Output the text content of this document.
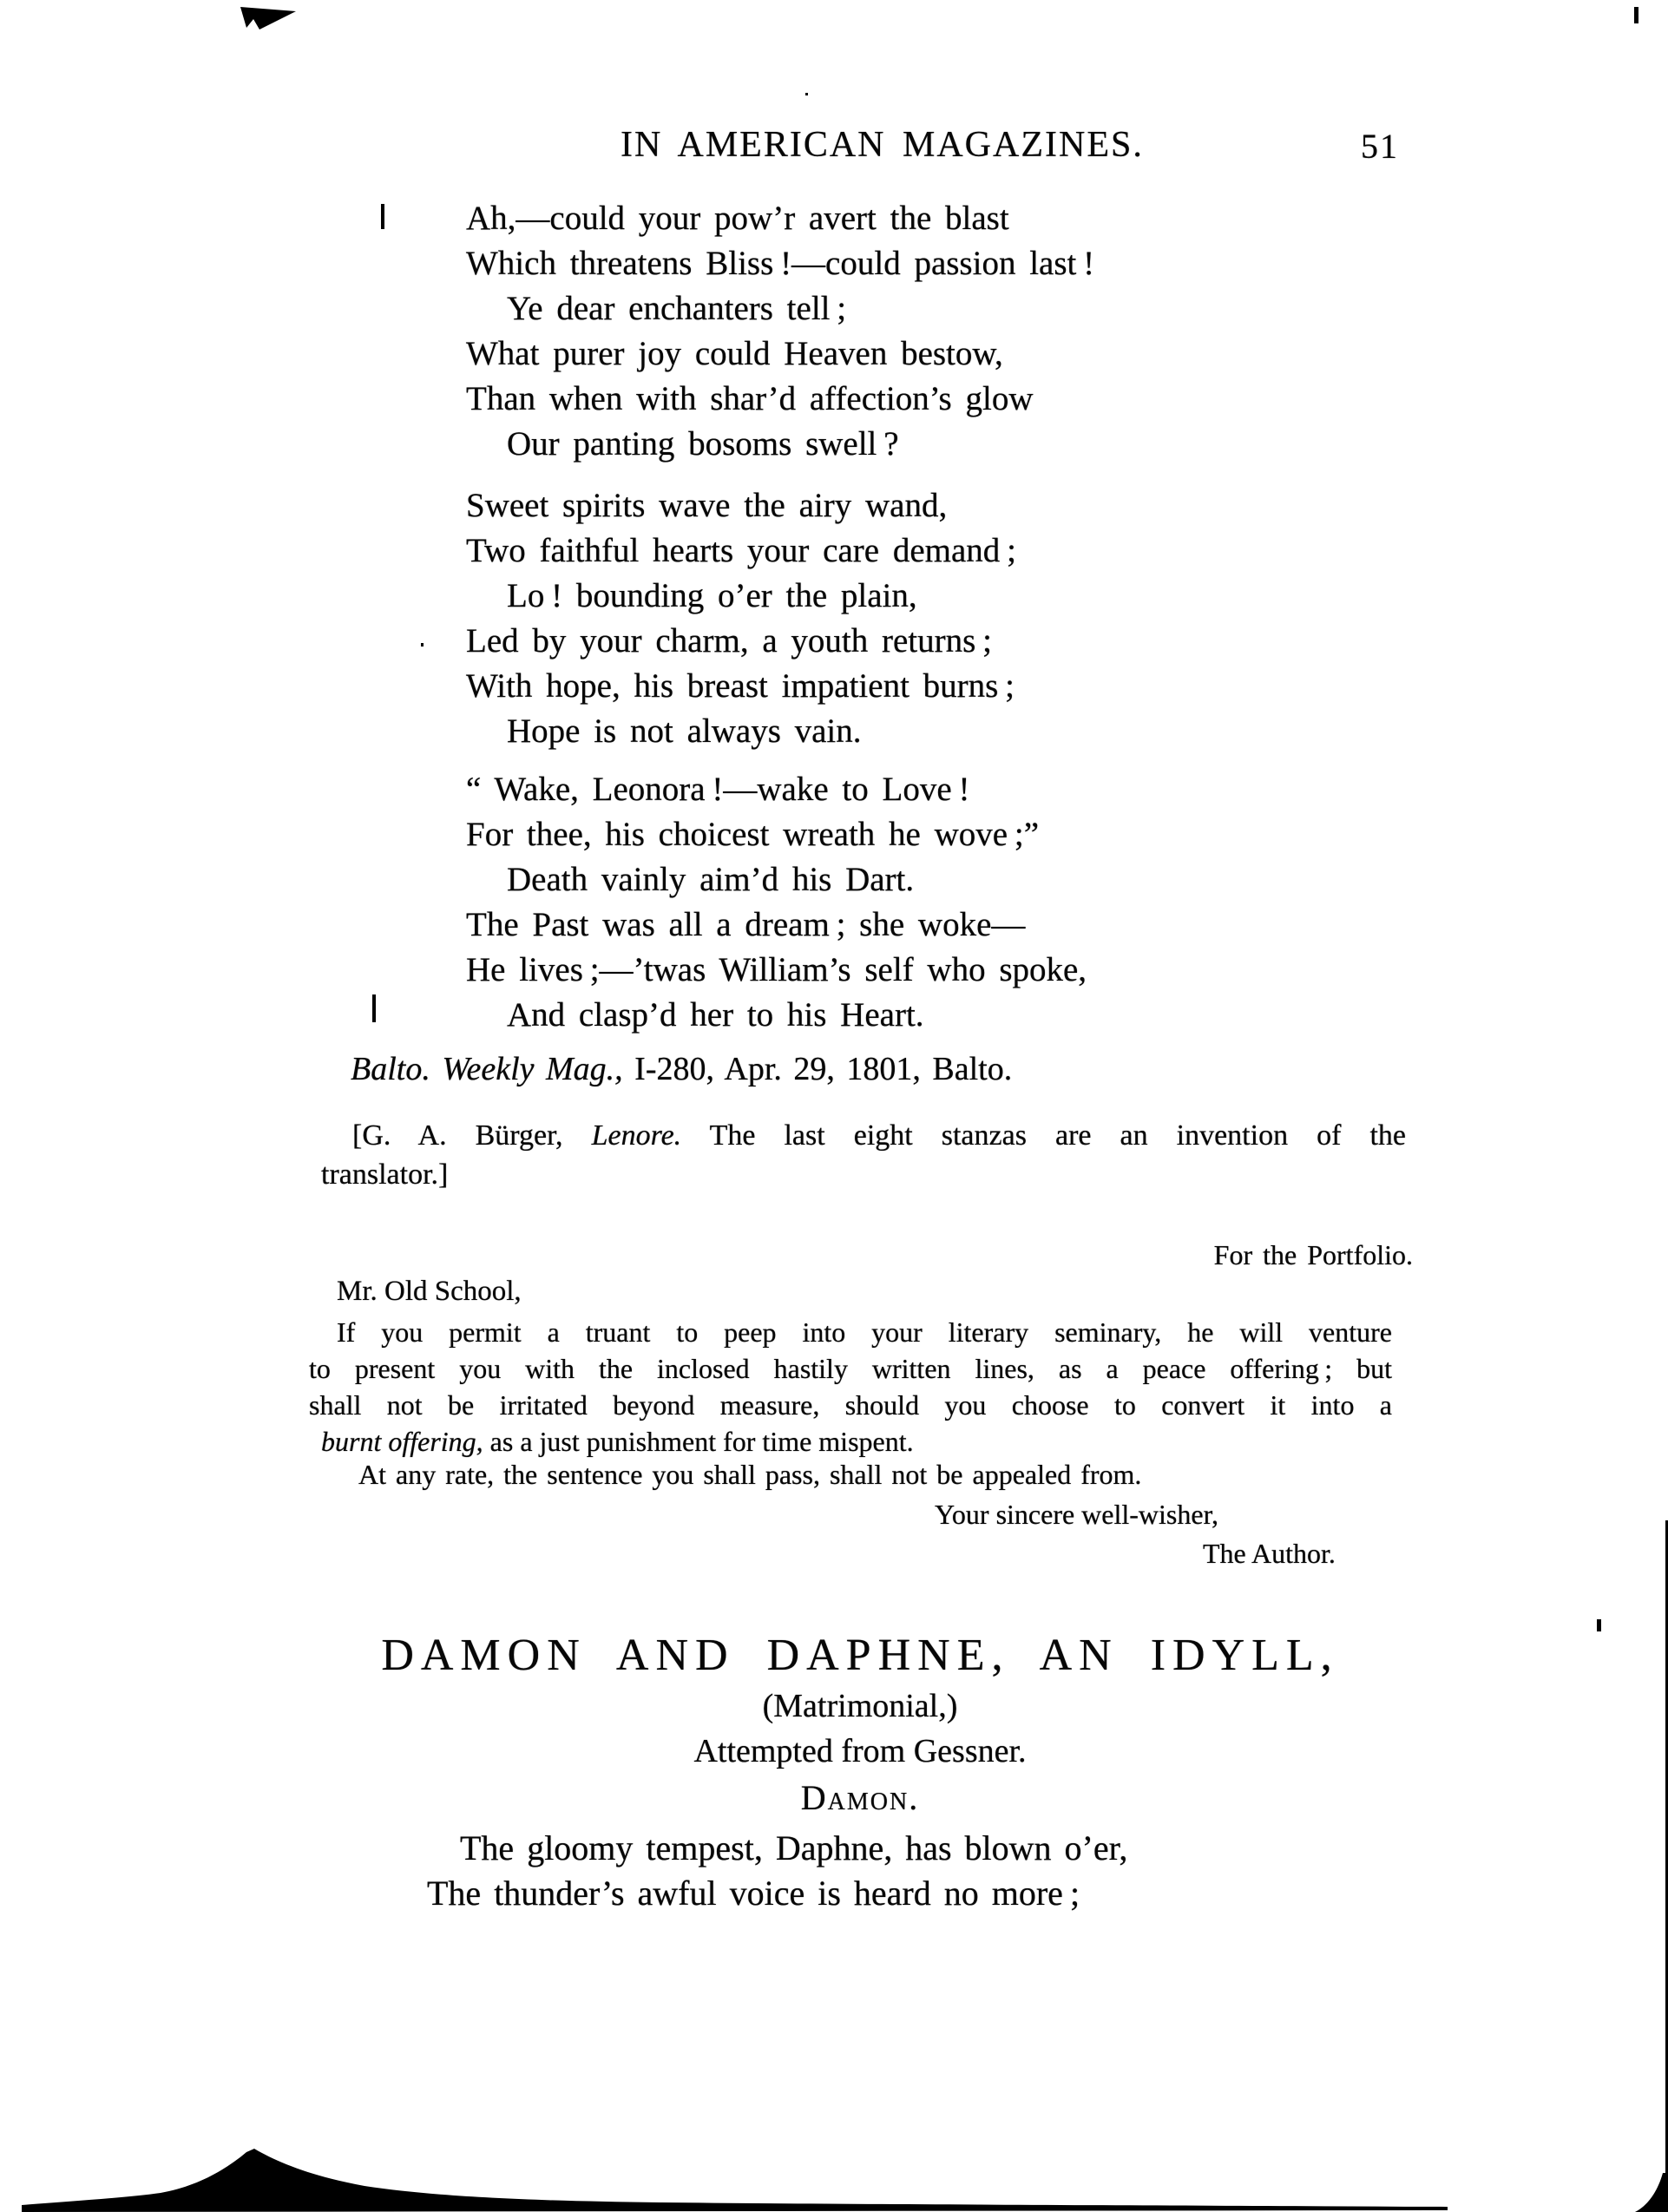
IN AMERICAN MAGAZINES.	51
Ah,—could your pow’r avert the blast
Which threatens Bliss !—could passion last !
Ye dear enchanters tell ;
What purer joy could Heaven bestow,
Than when with shar’d affection’s glow
Our panting bosoms swell ?
Sweet spirits wave the airy wand,
Two faithful hearts your care demand ;
Lo ! bounding o’er the plain,
Led by your charm, a youth returns ;
With hope, his breast impatient burns ;
Hope is not always vain.
“ Wake, Leonora !—wake to Love !
For thee, his choicest wreath he wove ;”
Death vainly aim’d his Dart.
The Past was all a dream ; she woke—
He lives ;—’twas William’s self who spoke,
And clasp’d her to his Heart.
Balto. Weekly Mag., I-280, Apr. 29, 1801, Balto.
[G. A. Bürger, Lenore. The last eight stanzas are an invention of the
translator.]
For the Portfolio.
Mr. Old School,
If you permit a truant to peep into your literary seminary, he will venture
to present you with the inclosed hastily written lines, as a peace offering ; but
shall not be irritated beyond measure, should you choose to convert it into a
burnt offering, as a just punishment for time mispent.
At any rate, the sentence you shall pass, shall not be appealed from.
Your sincere well-wisher,
The Author.
DAMON AND DAPHNE, AN IDYLL,
(Matrimonial,)
Attempted from Gessner.
Damon.
The gloomy tempest, Daphne, has blown o’er,
The thunder’s awful voice is heard no more ;
